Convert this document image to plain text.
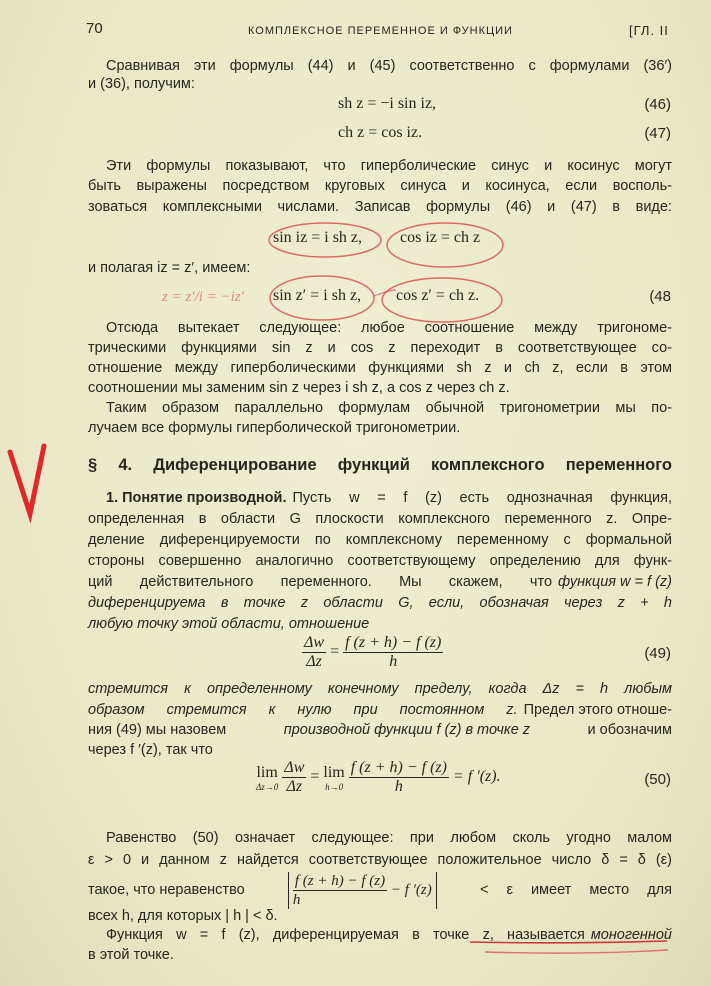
70	КОМПЛЕКСНОЕ ПЕРЕМЕННОЕ И ФУНКЦИИ	[ГЛ. II
Сравнивая эти формулы (44) и (45) соответственно с формулами (36′)
и (36), получим:
sh z = −i sin iz,	(46)
ch z = cos iz.	(47)
Эти формулы показывают, что гиперболические синус и косинус могут
быть выражены посредством круговых синуса и косинуса, если восполь-
зоваться комплексными числами. Записав формулы (46) и (47) в виде:
sin iz = i sh z, cos iz = ch z
и полагая iz = z′, имеем:
sin z′ = i sh z, cos z′ = ch z.	(48
Отсюда вытекает следующее: любое соотношение между тригономе-
трическими функциями sin z и cos z переходит в соответствующее со-
отношение между гиперболическими функциями sh z и ch z, если в этом
соотношении мы заменим sin z через i sh z, а cos z через ch z.
Таким образом параллельно формулам обычной тригонометрии мы по-
лучаем все формулы гиперболической тригонометрии.
§ 4. Диференцирование функций комплексного переменного
1. Понятие производной. Пусть w = f (z) есть однозначная функция,
определенная в области G плоскости комплексного переменного z. Опре-
деление диференцируемости по комплексному переменному с формальной
стороны совершенно аналогично соответствующему определению для функ-
ций действительного переменного. Мы скажем, что функция w = f (z)
диференцируема в точке z области G, если, обозначая через z + h
любую точку этой области, отношение
$\frac{\Delta w}{\Delta z} = \frac{f (z + h) - f (z)}{h}$	(49)
стремится к определенному конечному пределу, когда Δz = h любым
образом стремится к нулю при постоянном z. Предел этого отноше-
ния (49) мы назовем	производной функции f (z) в точке z	и обозначим
через f ′(z), так что
lim
Δz→0
$\frac{\Delta w}{\Delta z} = \lim$
h→0
$\frac{f (z + h) - f (z)}{h} = f$ ′(z).	(50)
Равенство (50) означает следующее: при любом сколь угодно малом
ε > 0 и данном z найдется соответствующее положительное число δ = δ (ε)
такое, что неравенство	$\frac{f (z + h) - f (z)}{h} - f$ ′(z)	< ε имеет место для
всех h, для которых | h | < δ.
Функция w = f (z), диференцируемая в точке z, называется моногенной
в этой точке.
z = z′/i = −iz′
